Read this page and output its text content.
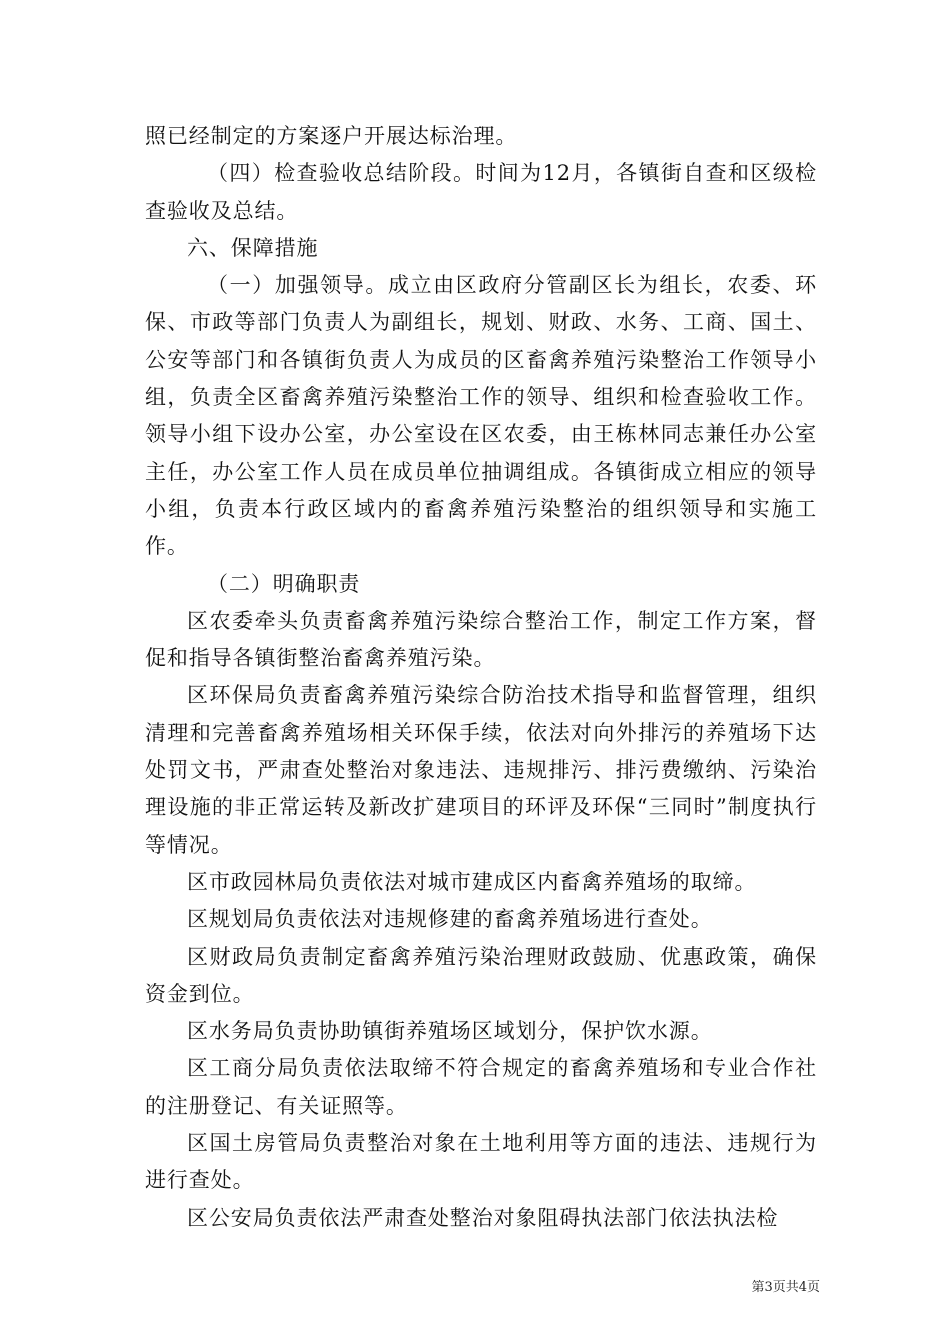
照已经制定的方案逐户开展达标治理。

（四）检查验收总结阶段。时间为12月，各镇街自查和区级检查验收及总结。

六、保障措施

（一）加强领导。成立由区政府分管副区长为组长，农委、环保、市政等部门负责人为副组长，规划、财政、水务、工商、国土、公安等部门和各镇街负责人为成员的区畜禽养殖污染整治工作领导小组，负责全区畜禽养殖污染整治工作的领导、组织和检查验收工作。领导小组下设办公室，办公室设在区农委，由王栋林同志兼任办公室主任，办公室工作人员在成员单位抽调组成。各镇街成立相应的领导小组，负责本行政区域内的畜禽养殖污染整治的组织领导和实施工作。

（二）明确职责

区农委牵头负责畜禽养殖污染综合整治工作，制定工作方案，督促和指导各镇街整治畜禽养殖污染。

区环保局负责畜禽养殖污染综合防治技术指导和监督管理，组织清理和完善畜禽养殖场相关环保手续，依法对向外排污的养殖场下达处罚文书，严肃查处整治对象违法、违规排污、排污费缴纳、污染治理设施的非正常运转及新改扩建项目的环评及环保“三同时”制度执行等情况。

区市政园林局负责依法对城市建成区内畜禽养殖场的取缔。

区规划局负责依法对违规修建的畜禽养殖场进行查处。

区财政局负责制定畜禽养殖污染治理财政鼓励、优惠政策，确保资金到位。

区水务局负责协助镇街养殖场区域划分，保护饮水源。

区工商分局负责依法取缔不符合规定的畜禽养殖场和专业合作社的注册登记、有关证照等。

区国土房管局负责整治对象在土地利用等方面的违法、违规行为进行查处。

区公安局负责依法严肃查处整治对象阻碍执法部门依法执法检

第3页共4页
